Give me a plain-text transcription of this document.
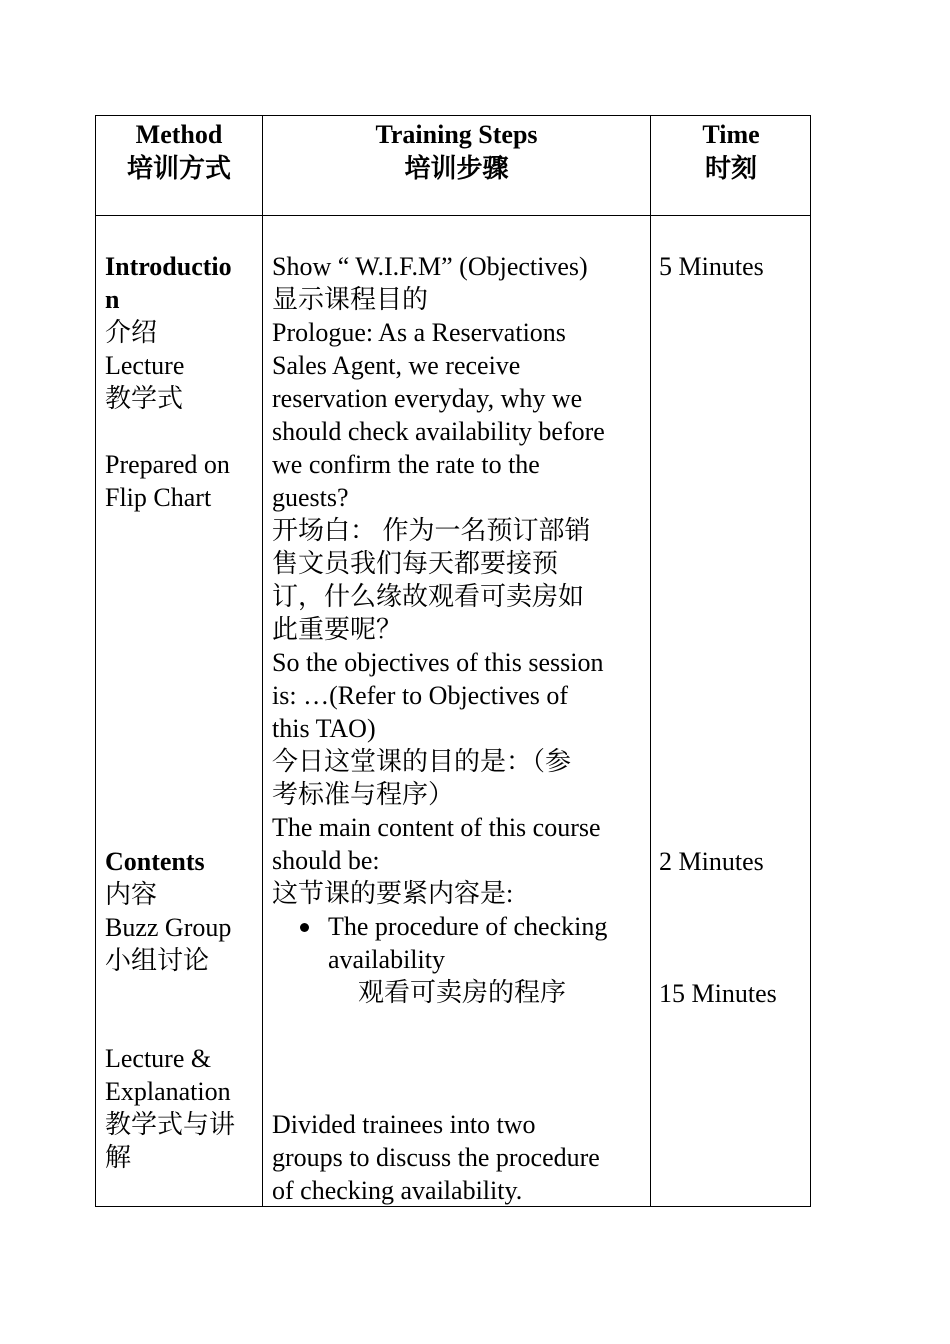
Method
培训方式
Training Steps
培训步骤
Time
时刻
Introductio
n
介绍
Lecture
教学式
Prepared on
Flip Chart
Contents
内容
Buzz Group
小组讨论
Lecture &
Explanation
教学式与讲
解
Show “ W.I.F.M” (Objectives)
显示课程目的
Prologue: As a Reservations
Sales Agent, we receive
reservation everyday, why we
should check availability before
we confirm the rate to the
guests?
开场白： 作为一名预订部销
售文员我们每天都要接预
订，什么缘故观看可卖房如
此重要呢？
So the objectives of this session
is: …(Refer to Objectives of
this TAO)
今日这堂课的目的是：（参
考标准与程序）
The main content of this course
should be:
这节课的要紧内容是:
The procedure of checking
availability
观看可卖房的程序
Divided trainees into two
groups to discuss the procedure
of checking availability.
5 Minutes
2 Minutes
15 Minutes
